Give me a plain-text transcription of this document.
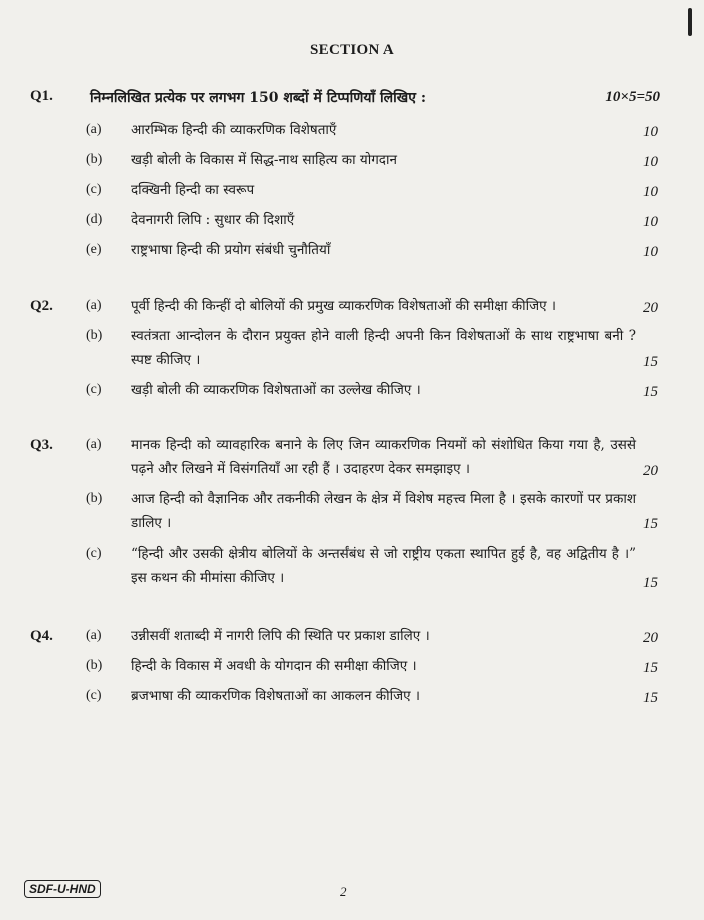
SECTION A
Q1.	निम्नलिखित प्रत्येक पर लगभग 150 शब्दों में टिप्पणियाँ लिखिए :	10×5=50
(a) आरम्भिक हिन्दी की व्याकरणिक विशेषताएँ	10
(b) खड़ी बोली के विकास में सिद्ध-नाथ साहित्य का योगदान	10
(c) दक्खिनी हिन्दी का स्वरूप	10
(d) देवनागरी लिपि : सुधार की दिशाएँ	10
(e) राष्ट्रभाषा हिन्दी की प्रयोग संबंधी चुनौतियाँ	10
Q2. (a) पूर्वी हिन्दी की किन्हीं दो बोलियों की प्रमुख व्याकरणिक विशेषताओं की समीक्षा कीजिए ।	20
(b) स्वतंत्रता आन्दोलन के दौरान प्रयुक्त होने वाली हिन्दी अपनी किन विशेषताओं के साथ राष्ट्रभाषा बनी ? स्पष्ट कीजिए ।	15
(c) खड़ी बोली की व्याकरणिक विशेषताओं का उल्लेख कीजिए ।	15
Q3. (a) मानक हिन्दी को व्यावहारिक बनाने के लिए जिन व्याकरणिक नियमों को संशोधित किया गया है, उससे पढ़ने और लिखने में विसंगतियाँ आ रही हैं । उदाहरण देकर समझाइए ।	20
(b) आज हिन्दी को वैज्ञानिक और तकनीकी लेखन के क्षेत्र में विशेष महत्त्व मिला है । इसके कारणों पर प्रकाश डालिए ।	15
(c) “हिन्दी और उसकी क्षेत्रीय बोलियों के अन्तर्संबंध से जो राष्ट्रीय एकता स्थापित हुई है, वह अद्वितीय है ।” इस कथन की मीमांसा कीजिए ।	15
Q4. (a) उन्नीसवीं शताब्दी में नागरी लिपि की स्थिति पर प्रकाश डालिए ।	20
(b) हिन्दी के विकास में अवधी के योगदान की समीक्षा कीजिए ।	15
(c) ब्रजभाषा की व्याकरणिक विशेषताओं का आकलन कीजिए ।	15
SDF-U-HND	2
